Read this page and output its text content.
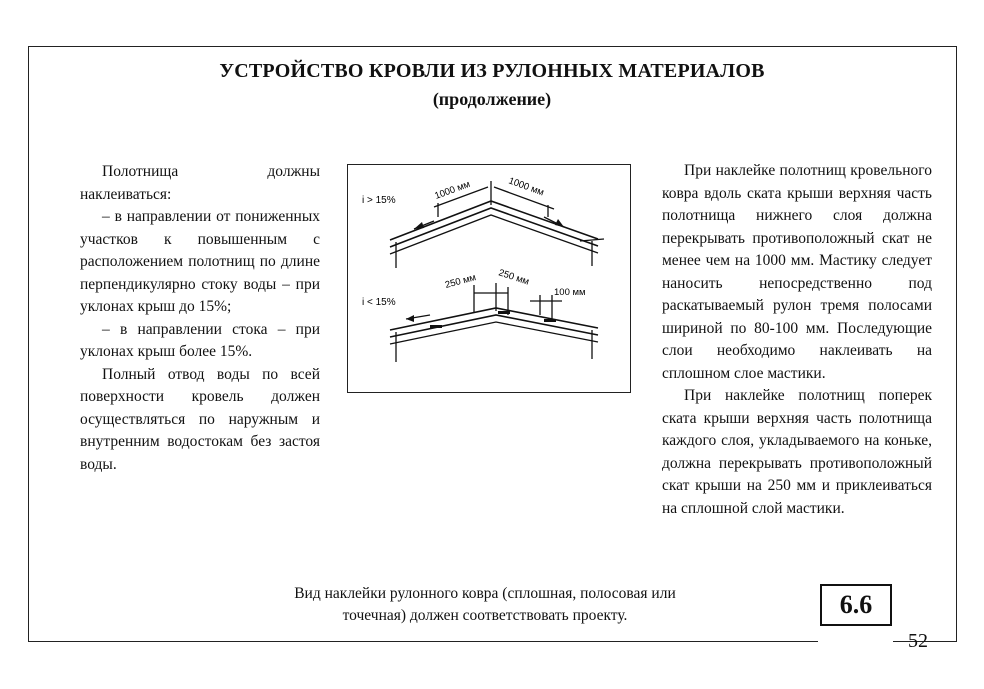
УСТРОЙСТВО КРОВЛИ ИЗ РУЛОННЫХ МАТЕРИАЛОВ
(продолжение)

Полотнища должны наклеиваться:

– в направлении от пониженных участков к повышенным с расположением полотнищ по длине перпендикулярно стоку воды – при уклонах крыш до 15%;

– в направлении стока – при уклонах крыш более 15%.

Полный отвод воды по всей поверхности кровель должен осуществляться по наружным и внутренним водостокам без застоя воды.

i > 15%
i < 15%
1000 мм	1000 мм
250 мм 250 мм
100 мм

При наклейке полотнищ кровельного ковра вдоль ската крыши верхняя часть полотнища нижнего слоя должна перекрывать противоположный скат не менее чем на 1000 мм. Мастику следует наносить непосредственно под раскатываемый рулон тремя полосами шириной по 80-100 мм. Последующие слои необходимо наклеивать на сплошном слое мастики.

При наклейке полотнищ поперек ската крыши верхняя часть полотнища каждого слоя, укладываемого на коньке, должна перекрывать противоположный скат крыши на 250 мм и приклеиваться на сплошной слой мастики.

Вид наклейки рулонного ковра (сплошная, полосовая или
точечная) должен соответствовать проекту.	6.6
52
